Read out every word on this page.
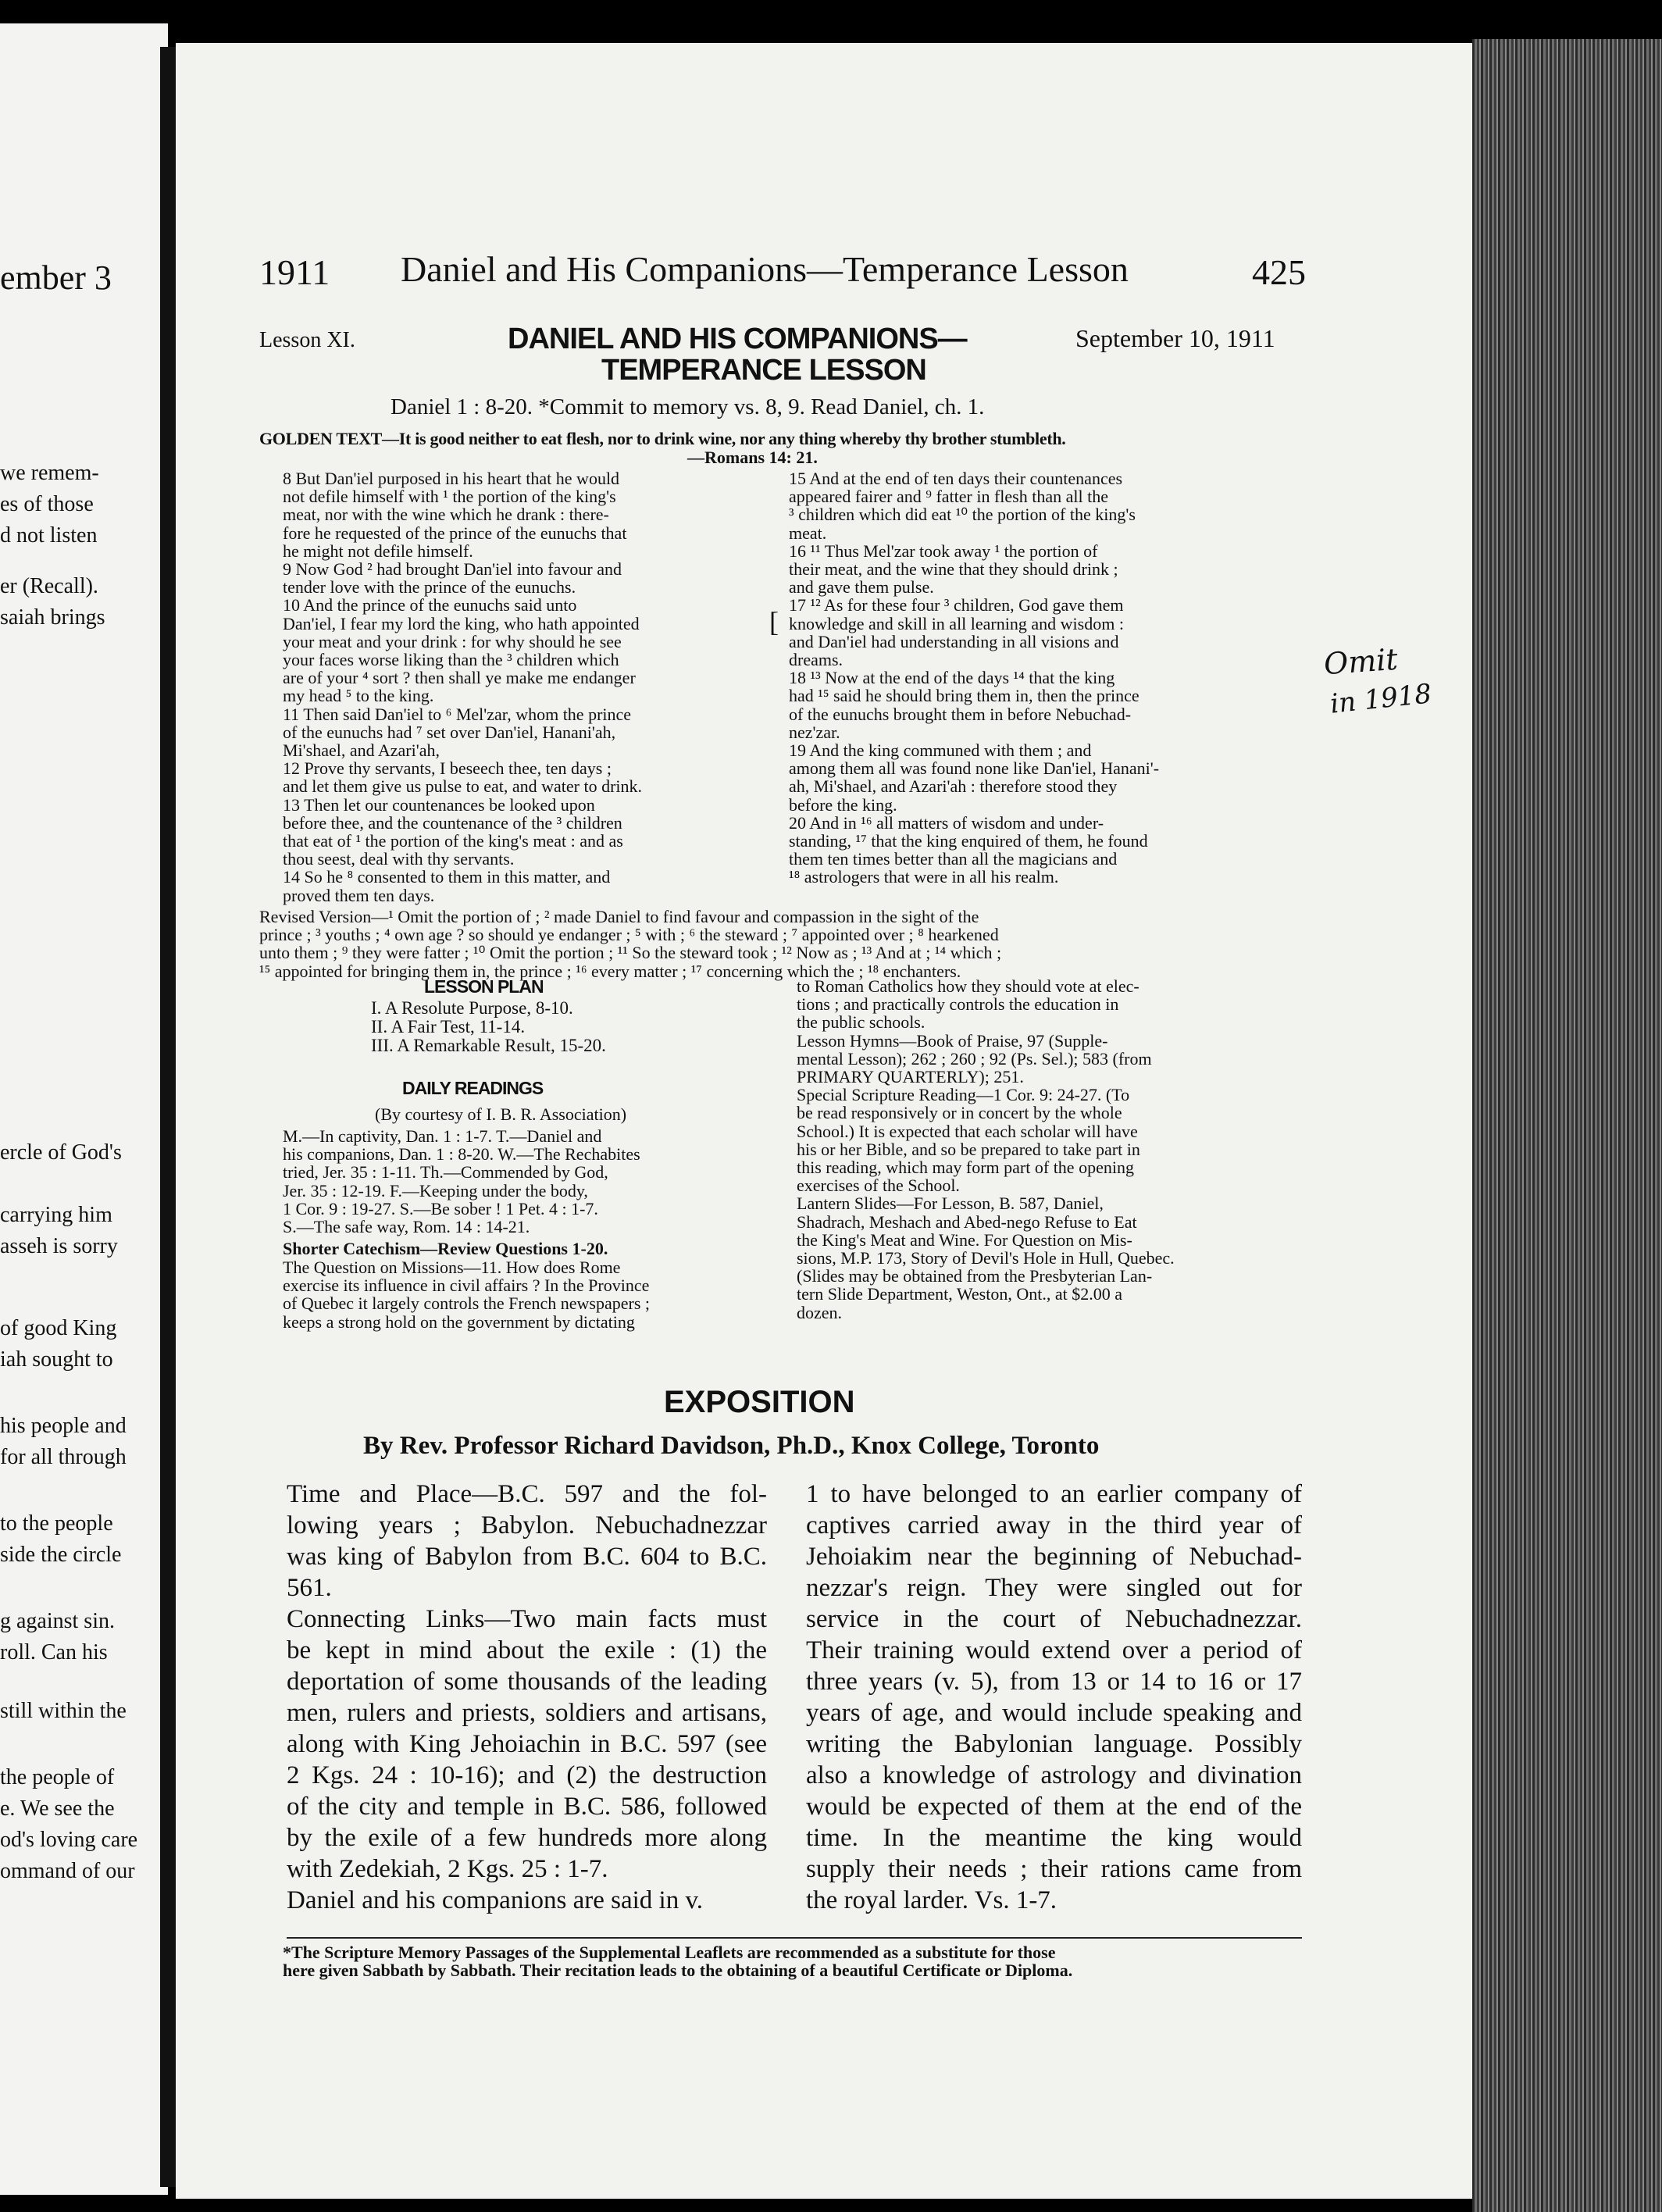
ember 3
we remem-
es of those
d not listen
er (Recall).
saiah brings
ercle of God's
carrying him
asseh is sorry
of good King
iah sought to
his people and
for all through
to the people
side the circle
g against sin.
roll. Can his
still within the
the people of
e. We see the
od's loving care
ommand of our
1911 Daniel and His Companions—Temperance Lesson	425
Lesson XI.	DANIEL AND HIS COMPANIONS—
TEMPERANCE LESSON
September 10, 1911
Daniel 1 : 8-20. *Commit to memory vs. 8, 9. Read Daniel, ch. 1.
GOLDEN TEXT—It is good neither to eat flesh, nor to drink wine, nor any thing whereby thy brother stumbleth.
—Romans 14: 21.
8 But Dan'iel purposed in his heart that he would
not defile himself with ¹ the portion of the king's
meat, nor with the wine which he drank : there-
fore he requested of the prince of the eunuchs that
he might not defile himself.
9 Now God ² had brought Dan'iel into favour and
tender love with the prince of the eunuchs.
10 And the prince of the eunuchs said unto
Dan'iel, I fear my lord the king, who hath appointed
your meat and your drink : for why should he see
your faces worse liking than the ³ children which
are of your ⁴ sort ? then shall ye make me endanger
my head ⁵ to the king.
11 Then said Dan'iel to ⁶ Mel'zar, whom the prince
of the eunuchs had ⁷ set over Dan'iel, Hanani'ah,
Mi'shael, and Azari'ah,
12 Prove thy servants, I beseech thee, ten days ;
and let them give us pulse to eat, and water to drink.
13 Then let our countenances be looked upon
before thee, and the countenance of the ³ children
that eat of ¹ the portion of the king's meat : and as
thou seest, deal with thy servants.
14 So he ⁸ consented to them in this matter, and
proved them ten days.
15 And at the end of ten days their countenances
appeared fairer and ⁹ fatter in flesh than all the
³ children which did eat ¹⁰ the portion of the king's
meat.
16 ¹¹ Thus Mel'zar took away ¹ the portion of
their meat, and the wine that they should drink ;
and gave them pulse.
17 ¹² As for these four ³ children, God gave them
knowledge and skill in all learning and wisdom :
and Dan'iel had understanding in all visions and
dreams.
18 ¹³ Now at the end of the days ¹⁴ that the king
had ¹⁵ said he should bring them in, then the prince
of the eunuchs brought them in before Nebuchad-
nez'zar.
19 And the king communed with them ; and
among them all was found none like Dan'iel, Hanani'-
ah, Mi'shael, and Azari'ah : therefore stood they
before the king.
20 And in ¹⁶ all matters of wisdom and under-
standing, ¹⁷ that the king enquired of them, he found
them ten times better than all the magicians and
¹⁸ astrologers that were in all his realm.
[
Omit
in 1918
Revised Version—¹ Omit the portion of ; ² made Daniel to find favour and compassion in the sight of the
prince ; ³ youths ; ⁴ own age ? so should ye endanger ; ⁵ with ; ⁶ the steward ; ⁷ appointed over ; ⁸ hearkened
unto them ; ⁹ they were fatter ; ¹⁰ Omit the portion ; ¹¹ So the steward took ; ¹² Now as ; ¹³ And at ; ¹⁴ which ;
¹⁵ appointed for bringing them in, the prince ; ¹⁶ every matter ; ¹⁷ concerning which the ; ¹⁸ enchanters.
LESSON PLAN
I. A Resolute Purpose, 8-10.
II. A Fair Test, 11-14.
III. A Remarkable Result, 15-20.
DAILY READINGS
(By courtesy of I. B. R. Association)
M.—In captivity, Dan. 1 : 1-7. T.—Daniel and
his companions, Dan. 1 : 8-20. W.—The Rechabites
tried, Jer. 35 : 1-11. Th.—Commended by God,
Jer. 35 : 12-19. F.—Keeping under the body,
1 Cor. 9 : 19-27. S.—Be sober ! 1 Pet. 4 : 1-7.
S.—The safe way, Rom. 14 : 14-21.
Shorter Catechism—Review Questions 1-20.
The Question on Missions—11. How does Rome
exercise its influence in civil affairs ? In the Province
of Quebec it largely controls the French newspapers ;
keeps a strong hold on the government by dictating
to Roman Catholics how they should vote at elec-
tions ; and practically controls the education in
the public schools.
Lesson Hymns—Book of Praise, 97 (Supple-
mental Lesson); 262 ; 260 ; 92 (Ps. Sel.); 583 (from
PRIMARY QUARTERLY); 251.
Special Scripture Reading—1 Cor. 9: 24-27. (To
be read responsively or in concert by the whole
School.) It is expected that each scholar will have
his or her Bible, and so be prepared to take part in
this reading, which may form part of the opening
exercises of the School.
Lantern Slides—For Lesson, B. 587, Daniel,
Shadrach, Meshach and Abed-nego Refuse to Eat
the King's Meat and Wine. For Question on Mis-
sions, M.P. 173, Story of Devil's Hole in Hull, Quebec.
(Slides may be obtained from the Presbyterian Lan-
tern Slide Department, Weston, Ont., at $2.00 a
dozen.
EXPOSITION
By Rev. Professor Richard Davidson, Ph.D., Knox College, Toronto
Time and Place—B.C. 597 and the fol-
lowing years ; Babylon. Nebuchadnezzar
was king of Babylon from B.C. 604 to B.C.
561.
Connecting Links—Two main facts must
be kept in mind about the exile : (1) the
deportation of some thousands of the leading
men, rulers and priests, soldiers and artisans,
along with King Jehoiachin in B.C. 597 (see
2 Kgs. 24 : 10-16); and (2) the destruction
of the city and temple in B.C. 586, followed
by the exile of a few hundreds more along
with Zedekiah, 2 Kgs. 25 : 1-7.
Daniel and his companions are said in v.
1 to have belonged to an earlier company of
captives carried away in the third year of
Jehoiakim near the beginning of Nebuchad-
nezzar's reign. They were singled out for
service in the court of Nebuchadnezzar.
Their training would extend over a period of
three years (v. 5), from 13 or 14 to 16 or 17
years of age, and would include speaking and
writing the Babylonian language. Possibly
also a knowledge of astrology and divination
would be expected of them at the end of the
time. In the meantime the king would
supply their needs ; their rations came from
the royal larder. Vs. 1-7.
*The Scripture Memory Passages of the Supplemental Leaflets are recommended as a substitute for those
here given Sabbath by Sabbath. Their recitation leads to the obtaining of a beautiful Certificate or Diploma.
